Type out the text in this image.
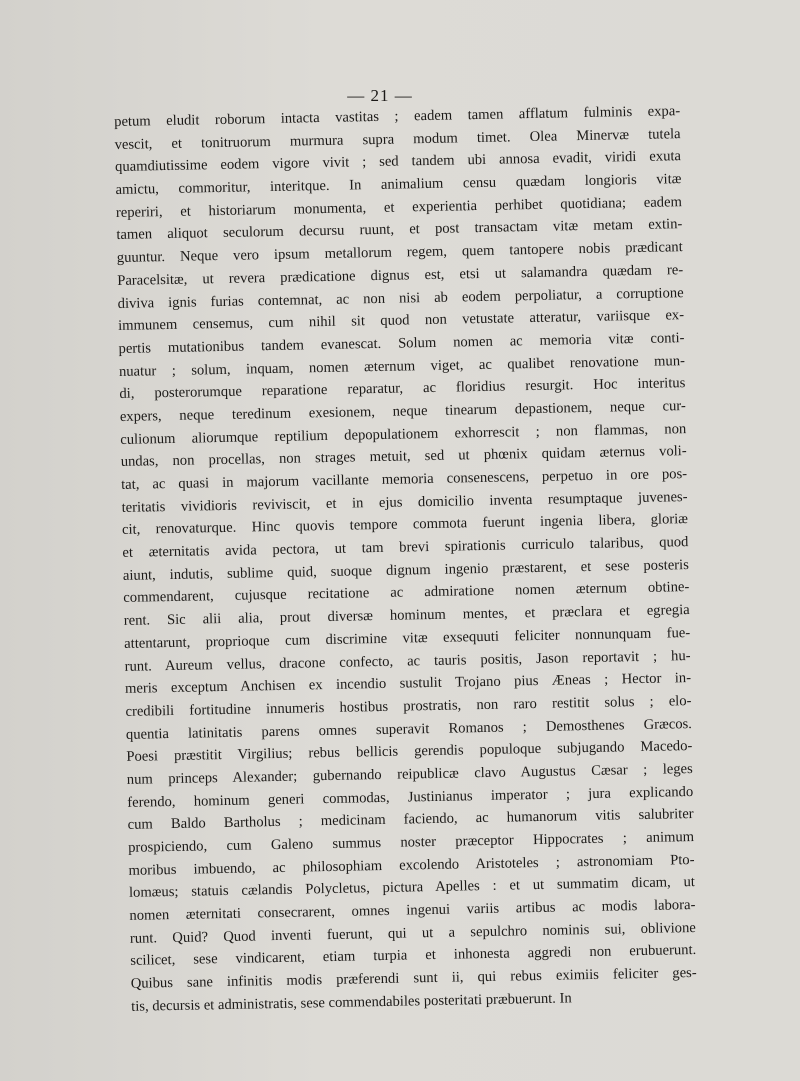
— 21 —
petum eludit roborum intacta vastitas ; eadem tamen afflatum fulminis expa-
vescit, et tonitruorum murmura supra modum timet. Olea Minervæ tutela
quamdiutissime eodem vigore vivit ; sed tandem ubi annosa evadit, viridi exuta
amictu, commoritur, interitque. In animalium censu quædam longioris vitæ
reperiri, et historiarum monumenta, et experientia perhibet quotidiana; eadem
tamen aliquot seculorum decursu ruunt, et post transactam vitæ metam extin-
guuntur. Neque vero ipsum metallorum regem, quem tantopere nobis prædicant
Paracelsitæ, ut revera prædicatione dignus est, etsi ut salamandra quædam re-
diviva ignis furias contemnat, ac non nisi ab eodem perpoliatur, a corruptione
immunem censemus, cum nihil sit quod non vetustate atteratur, variisque ex-
pertis mutationibus tandem evanescat. Solum nomen ac memoria vitæ conti-
nuatur ; solum, inquam, nomen æternum viget, ac qualibet renovatione mun-
di, posterorumque reparatione reparatur, ac floridius resurgit. Hoc interitus
expers, neque teredinum exesionem, neque tinearum depastionem, neque cur-
culionum aliorumque reptilium depopulationem exhorrescit ; non flammas, non
undas, non procellas, non strages metuit, sed ut phœnix quidam æternus voli-
tat, ac quasi in majorum vacillante memoria consenescens, perpetuo in ore pos-
teritatis vividioris reviviscit, et in ejus domicilio inventa resumptaque juvenes-
cit, renovaturque. Hinc quovis tempore commota fuerunt ingenia libera, gloriæ
et æternitatis avida pectora, ut tam brevi spirationis curriculo talaribus, quod
aiunt, indutis, sublime quid, suoque dignum ingenio præstarent, et sese posteris
commendarent, cujusque recitatione ac admiratione nomen æternum obtine-
rent. Sic alii alia, prout diversæ hominum mentes, et præclara et egregia
attentarunt, proprioque cum discrimine vitæ exsequuti feliciter nonnunquam fue-
runt. Aureum vellus, dracone confecto, ac tauris positis, Jason reportavit ; hu-
meris exceptum Anchisen ex incendio sustulit Trojano pius Æneas ; Hector in-
credibili fortitudine innumeris hostibus prostratis, non raro restitit solus ; elo-
quentia latinitatis parens omnes superavit Romanos ; Demosthenes Græcos.
Poesi præstitit Virgilius; rebus bellicis gerendis populoque subjugando Macedo-
num princeps Alexander; gubernando reipublicæ clavo Augustus Cæsar ; leges
ferendo, hominum generi commodas, Justinianus imperator ; jura explicando
cum Baldo Bartholus ; medicinam faciendo, ac humanorum vitis salubriter
prospiciendo, cum Galeno summus noster præceptor Hippocrates ; animum
moribus imbuendo, ac philosophiam excolendo Aristoteles ; astronomiam Pto-
lomæus; statuis cælandis Polycletus, pictura Apelles : et ut summatim dicam, ut
nomen æternitati consecrarent, omnes ingenui variis artibus ac modis labora-
runt. Quid? Quod inventi fuerunt, qui ut a sepulchro nominis sui, oblivione
scilicet, sese vindicarent, etiam turpia et inhonesta aggredi non erubuerunt.
Quibus sane infinitis modis præferendi sunt ii, qui rebus eximiis feliciter ges-
tis, decursis et administratis, sese commendabiles posteritati præbuerunt. In
